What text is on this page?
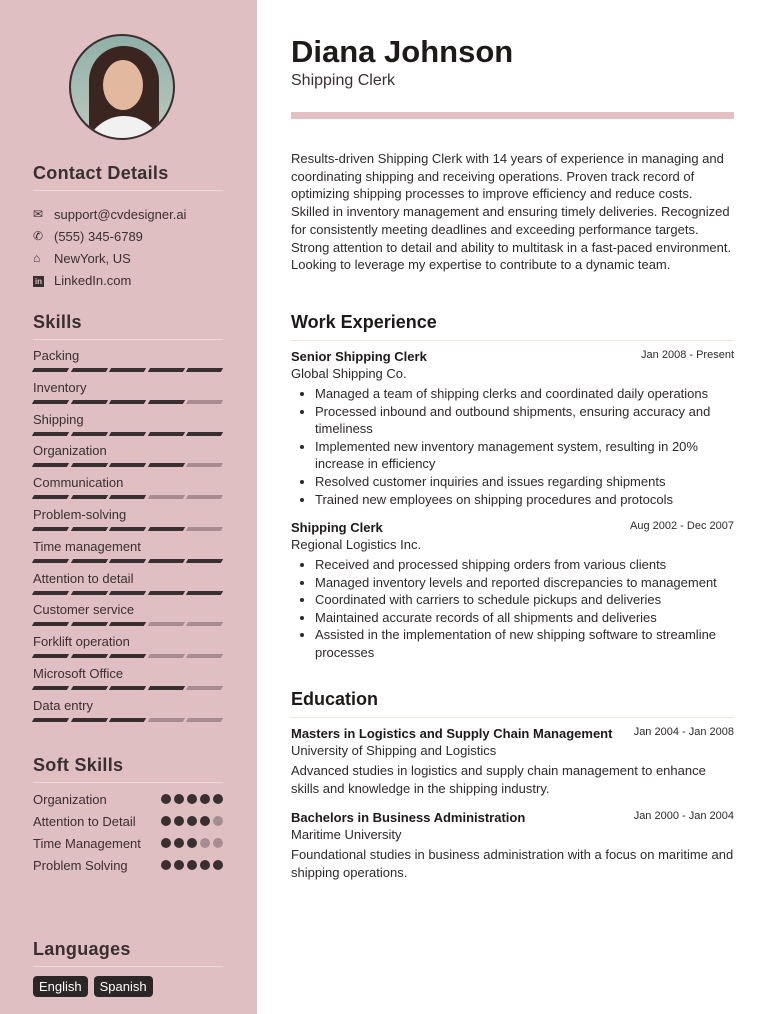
Contact Details
✉ support@cvdesigner.ai
✆ (555) 345-6789
⌂	NewYork, US
in LinkedIn.com
Skills
Packing
Inventory
Shipping
Organization
Communication
Problem-solving
Time management
Attention to detail
Customer service
Forklift operation
Microsoft Office
Data entry
Soft Skills
Organization
Attention to Detail
Time Management
Problem Solving
Languages
English	Spanish
Diana Johnson
Shipping Clerk
Results-driven Shipping Clerk with 14 years of experience in managing and coordinating shipping and receiving operations. Proven track record of optimizing shipping processes to improve efficiency and reduce costs. Skilled in inventory management and ensuring timely deliveries. Recognized for consistently meeting deadlines and exceeding performance targets. Strong attention to detail and ability to multitask in a fast-paced environment. Looking to leverage my expertise to contribute to a dynamic team.
Work Experience
Senior Shipping Clerk	Jan 2008 - Present
Global Shipping Co.
• Managed a team of shipping clerks and coordinated daily operations
• Processed inbound and outbound shipments, ensuring accuracy and timeliness
• Implemented new inventory management system, resulting in 20% increase in efficiency
• Resolved customer inquiries and issues regarding shipments
• Trained new employees on shipping procedures and protocols
Shipping Clerk	Aug 2002 - Dec 2007
Regional Logistics Inc.
• Received and processed shipping orders from various clients
• Managed inventory levels and reported discrepancies to management
• Coordinated with carriers to schedule pickups and deliveries
• Maintained accurate records of all shipments and deliveries
• Assisted in the implementation of new shipping software to streamline processes
Education
Masters in Logistics and Supply Chain Management Jan 2004 - Jan 2008
University of Shipping and Logistics
Advanced studies in logistics and supply chain management to enhance skills and knowledge in the shipping industry.
Bachelors in Business Administration	Jan 2000 - Jan 2004
Maritime University
Foundational studies in business administration with a focus on maritime and shipping operations.
